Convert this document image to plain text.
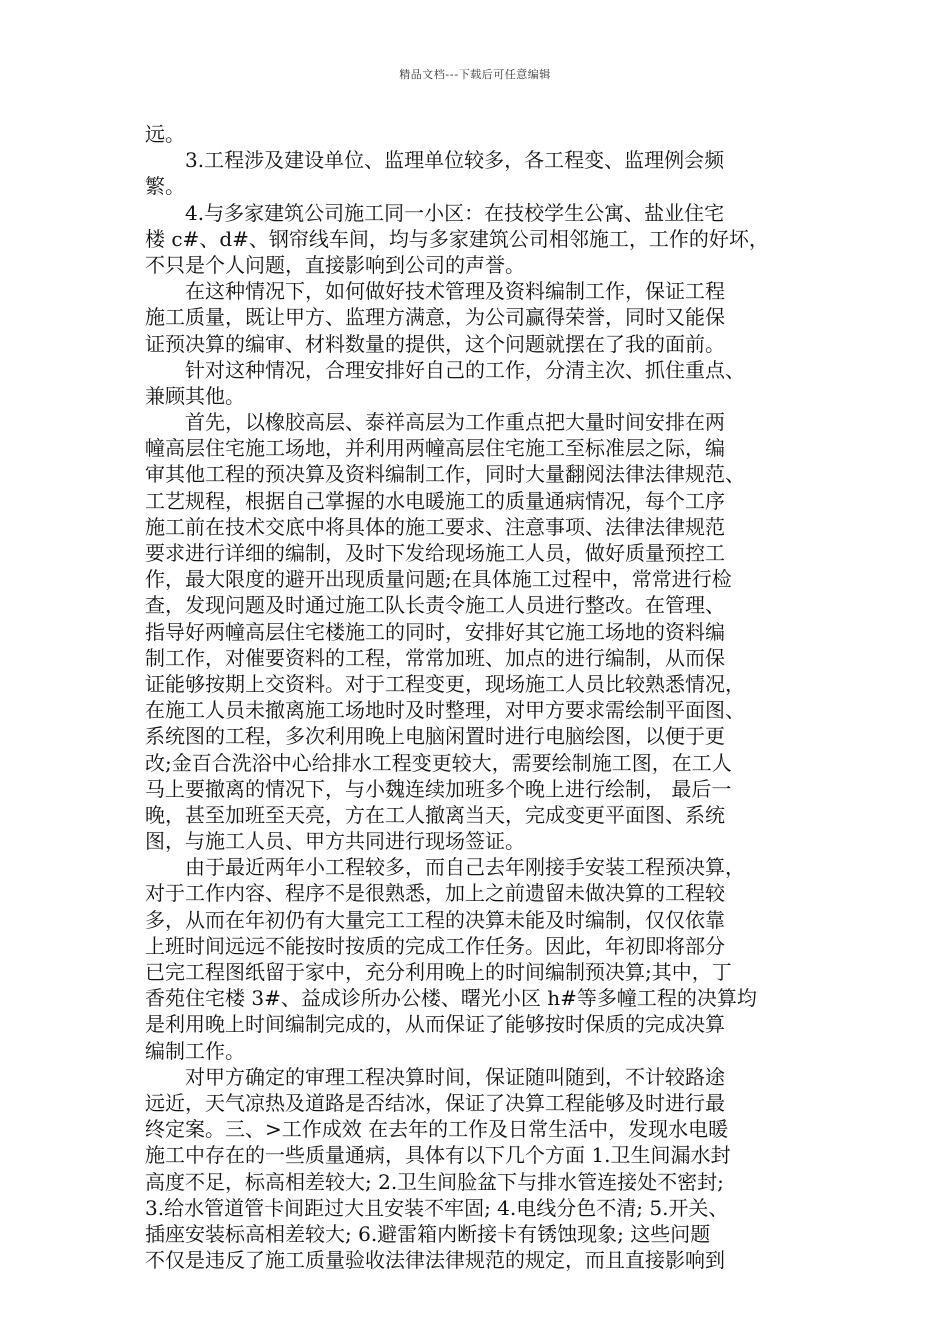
精品文档---下载后可任意编辑
远。
3.工程涉及建设单位、监理单位较多，各工程变、监理例会频
繁。
4.与多家建筑公司施工同一小区：在技校学生公寓、盐业住宅
楼 c#、d#、钢帘线车间，均与多家建筑公司相邻施工，工作的好坏，
不只是个人问题，直接影响到公司的声誉。
在这种情况下，如何做好技术管理及资料编制工作，保证工程
施工质量，既让甲方、监理方满意，为公司赢得荣誉，同时又能保
证预决算的编审、材料数量的提供，这个问题就摆在了我的面前。
针对这种情况，合理安排好自己的工作，分清主次、抓住重点、
兼顾其他。
首先，以橡胶高层、泰祥高层为工作重点把大量时间安排在两
幢高层住宅施工场地，并利用两幢高层住宅施工至标准层之际，编
审其他工程的预决算及资料编制工作，同时大量翻阅法律法律规范、
工艺规程，根据自己掌握的水电暖施工的质量通病情况，每个工序
施工前在技术交底中将具体的施工要求、注意事项、法律法律规范
要求进行详细的编制，及时下发给现场施工人员，做好质量预控工
作，最大限度的避开出现质量问题;在具体施工过程中，常常进行检
查，发现问题及时通过施工队长责令施工人员进行整改。在管理、
指导好两幢高层住宅楼施工的同时，安排好其它施工场地的资料编
制工作，对催要资料的工程，常常加班、加点的进行编制，从而保
证能够按期上交资料。对于工程变更，现场施工人员比较熟悉情况，
在施工人员未撤离施工场地时及时整理，对甲方要求需绘制平面图、
系统图的工程，多次利用晚上电脑闲置时进行电脑绘图，以便于更
改;金百合洗浴中心给排水工程变更较大，需要绘制施工图，在工人
马上要撤离的情况下，与小魏连续加班多个晚上进行绘制， 最后一
晚，甚至加班至天亮，方在工人撤离当天，完成变更平面图、系统
图，与施工人员、甲方共同进行现场签证。
由于最近两年小工程较多，而自己去年刚接手安装工程预决算，
对于工作内容、程序不是很熟悉，加上之前遗留未做决算的工程较
多，从而在年初仍有大量完工工程的决算未能及时编制，仅仅依靠
上班时间远远不能按时按质的完成工作任务。因此，年初即将部分
已完工程图纸留于家中，充分利用晚上的时间编制预决算;其中，丁
香苑住宅楼 3#、益成诊所办公楼、曙光小区 h#等多幢工程的决算均
是利用晚上时间编制完成的，从而保证了能够按时保质的完成决算
编制工作。
对甲方确定的审理工程决算时间，保证随叫随到，不计较路途
远近，天气凉热及道路是否结冰，保证了决算工程能够及时进行最
终定案。三、>工作成效 在去年的工作及日常生活中，发现水电暖
施工中存在的一些质量通病，具体有以下几个方面 1.卫生间漏水封
高度不足，标高相差较大; 2.卫生间脸盆下与排水管连接处不密封;
3.给水管道管卡间距过大且安装不牢固; 4.电线分色不清; 5.开关、
插座安装标高相差较大; 6.避雷箱内断接卡有锈蚀现象; 这些问题
不仅是违反了施工质量验收法律法律规范的规定，而且直接影响到
